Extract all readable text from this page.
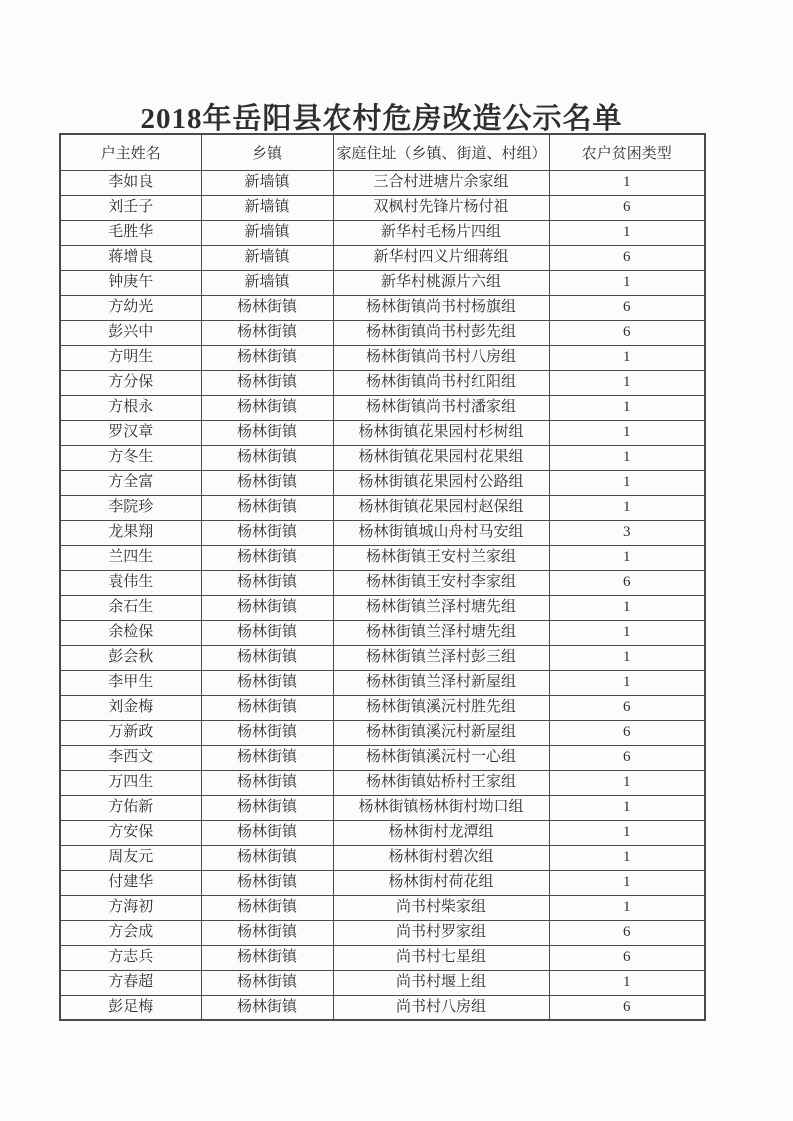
2018年岳阳县农村危房改造公示名单
户主姓名	乡镇	家庭住址（乡镇、街道、村组）	农户贫困类型
李如良	新墙镇	三合村进塘片余家组	1
刘壬子	新墙镇	双枫村先锋片杨付祖	6
毛胜华	新墙镇	新华村毛杨片四组	1
蒋增良	新墙镇	新华村四义片细蒋组	6
钟庚午	新墙镇	新华村桃源片六组	1
方幼光	杨林街镇	杨林街镇尚书村杨旗组	6
彭兴中	杨林街镇	杨林街镇尚书村彭先组	6
方明生	杨林街镇	杨林街镇尚书村八房组	1
方分保	杨林街镇	杨林街镇尚书村红阳组	1
方根永	杨林街镇	杨林街镇尚书村潘家组	1
罗汉章	杨林街镇	杨林街镇花果园村杉树组	1
方冬生	杨林街镇	杨林街镇花果园村花果组	1
方全富	杨林街镇	杨林街镇花果园村公路组	1
李院珍	杨林街镇	杨林街镇花果园村赵保组	1
龙果翔	杨林街镇	杨林街镇城山舟村马安组	3
兰四生	杨林街镇	杨林街镇王安村兰家组	1
袁伟生	杨林街镇	杨林街镇王安村李家组	6
余石生	杨林街镇	杨林街镇兰泽村塘先组	1
余检保	杨林街镇	杨林街镇兰泽村塘先组	1
彭会秋	杨林街镇	杨林街镇兰泽村彭三组	1
李甲生	杨林街镇	杨林街镇兰泽村新屋组	1
刘金梅	杨林街镇	杨林街镇溪沅村胜先组	6
万新政	杨林街镇	杨林街镇溪沅村新屋组	6
李西文	杨林街镇	杨林街镇溪沅村一心组	6
万四生	杨林街镇	杨林街镇姑桥村王家组	1
方佑新	杨林街镇	杨林街镇杨林街村坳口组	1
方安保	杨林街镇	杨林街村龙潭组	1
周友元	杨林街镇	杨林街村碧次组	1
付建华	杨林街镇	杨林街村荷花组	1
方海初	杨林街镇	尚书村柴家组	1
方会成	杨林街镇	尚书村罗家组	6
方志兵	杨林街镇	尚书村七星组	6
方春超	杨林街镇	尚书村堰上组	1
彭足梅	杨林街镇	尚书村八房组	6
